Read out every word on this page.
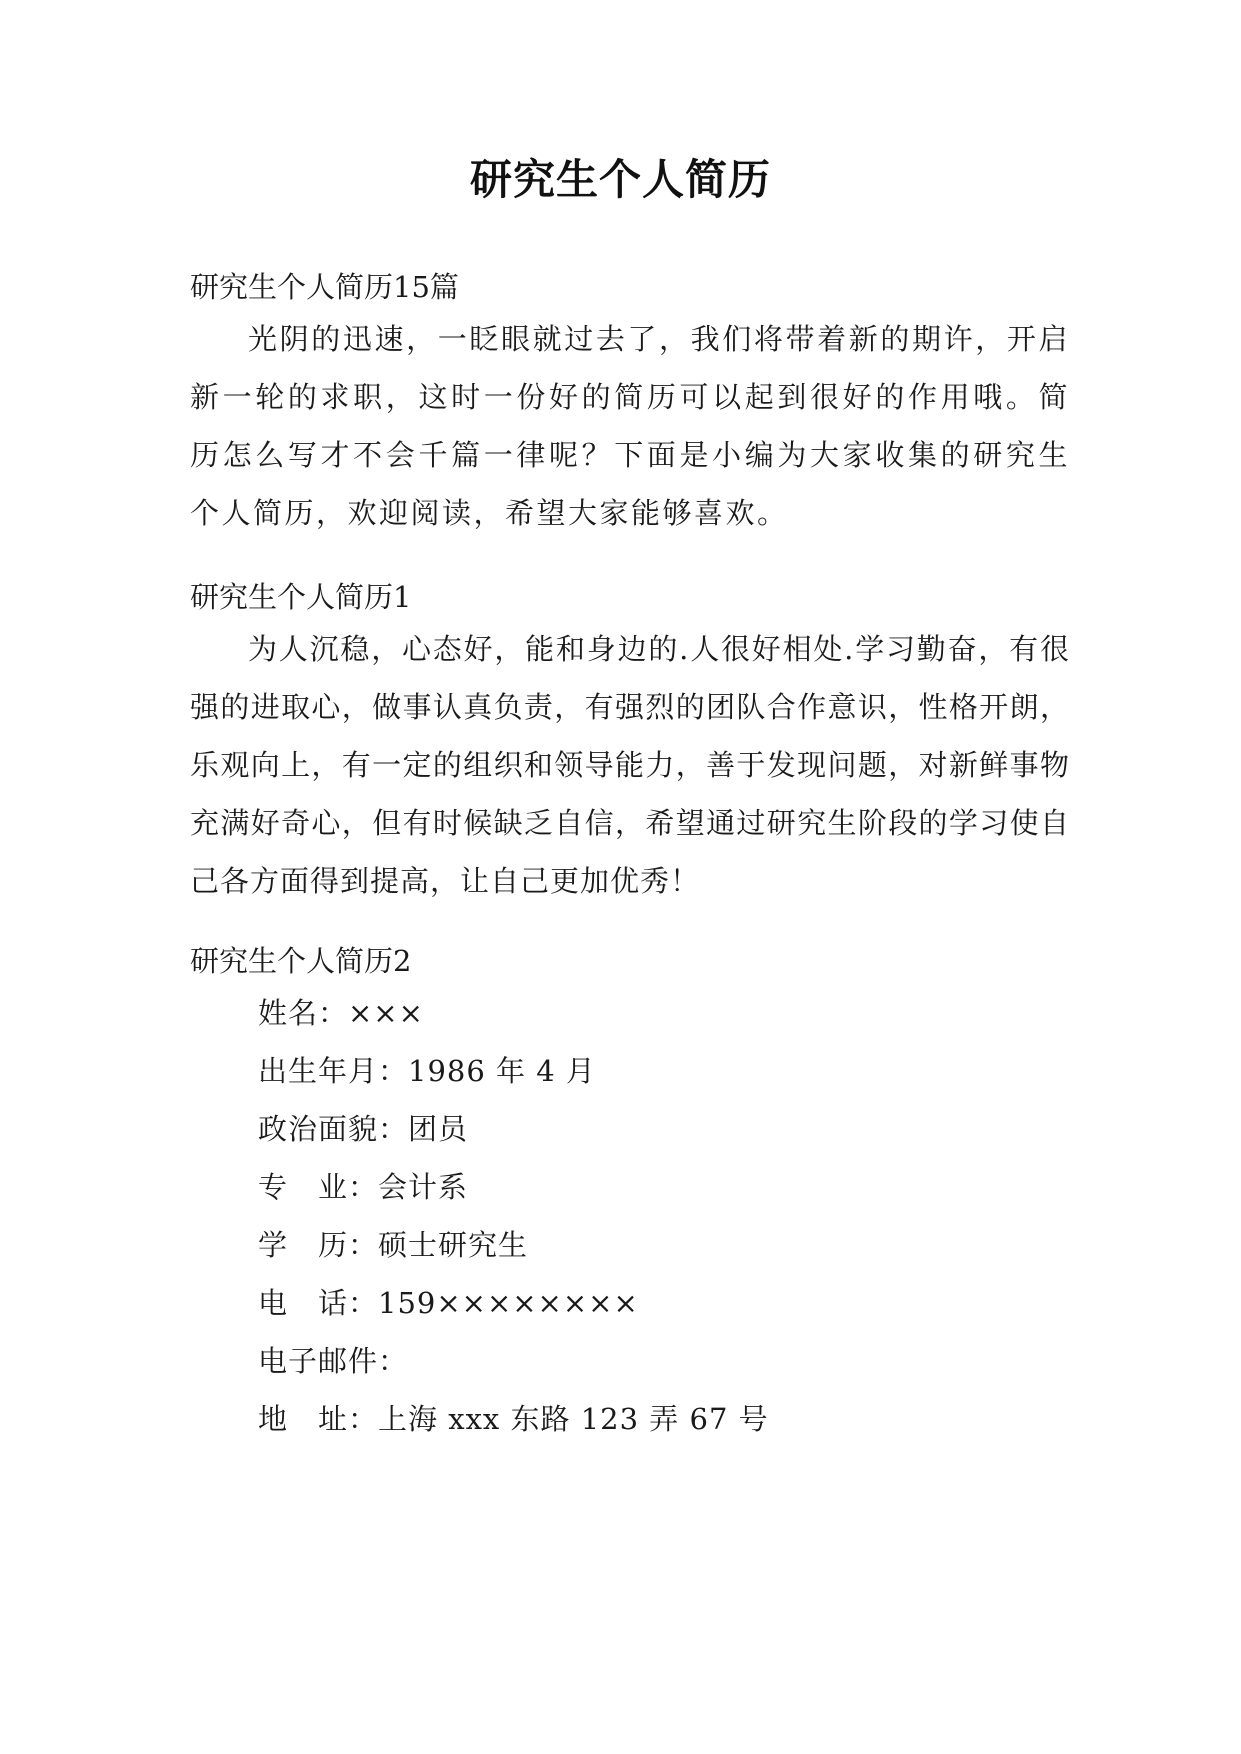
研究生个人简历
研究生个人简历15篇

光阴的迅速，一眨眼就过去了，我们将带着新的期许，开启新一轮的求职，这时一份好的简历可以起到很好的作用哦。简历怎么写才不会千篇一律呢？下面是小编为大家收集的研究生个人简历，欢迎阅读，希望大家能够喜欢。

研究生个人简历1

为人沉稳，心态好，能和身边的.人很好相处.学习勤奋，有很强的进取心，做事认真负责，有强烈的团队合作意识，性格开朗，乐观向上，有一定的组织和领导能力，善于发现问题，对新鲜事物充满好奇心，但有时候缺乏自信，希望通过研究生阶段的学习使自己各方面得到提高，让自己更加优秀！

研究生个人简历2
姓名：×××
出生年月：1986 年 4 月
政治面貌：团员
专　业：会计系
学　历：硕士研究生
电　话：159××××××××
电子邮件：
地　址：上海 xxx 东路 123 弄 67 号
